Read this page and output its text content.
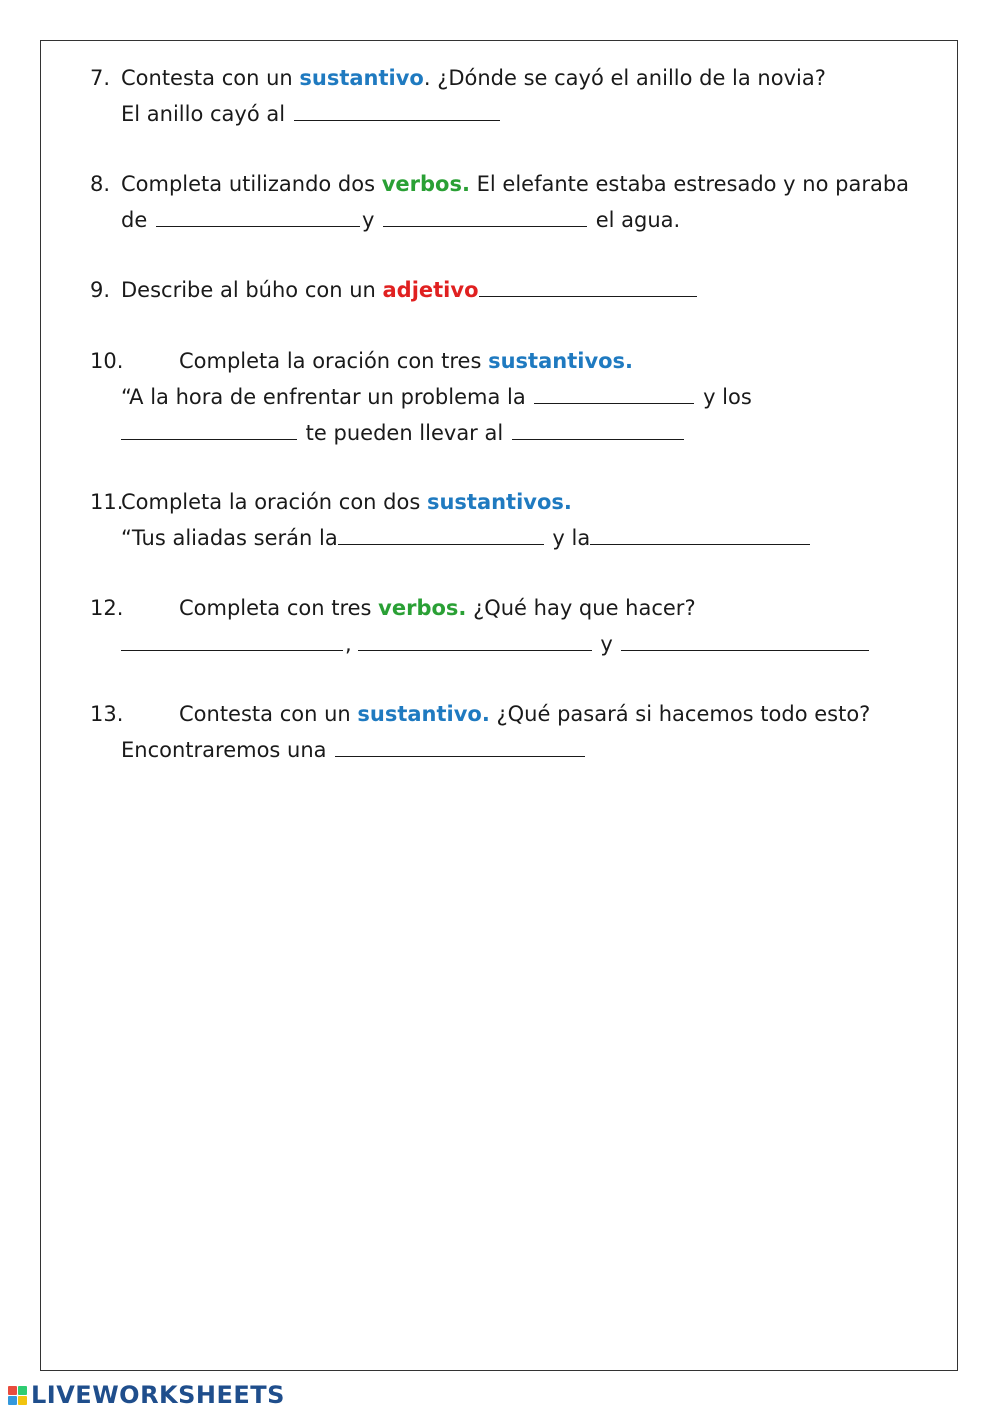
7. Contesta con un sustantivo. ¿Dónde se cayó el anillo de la novia?
El anillo cayó al
8. Completa utilizando dos verbos. El elefante estaba estresado y no paraba
de	y	el agua.
9. Describe al búho con un adjetivo
10.	Completa la oración con tres sustantivos.
“A la hora de enfrentar un problema la	y los
te pueden llevar al
11.Completa la oración con dos sustantivos.
“Tus aliadas serán la	y la
12.	Completa con tres verbos. ¿Qué hay que hacer?
,	y
13.	Contesta con un sustantivo. ¿Qué pasará si hacemos todo esto?
Encontraremos una
LIVEWORKSHEETS
